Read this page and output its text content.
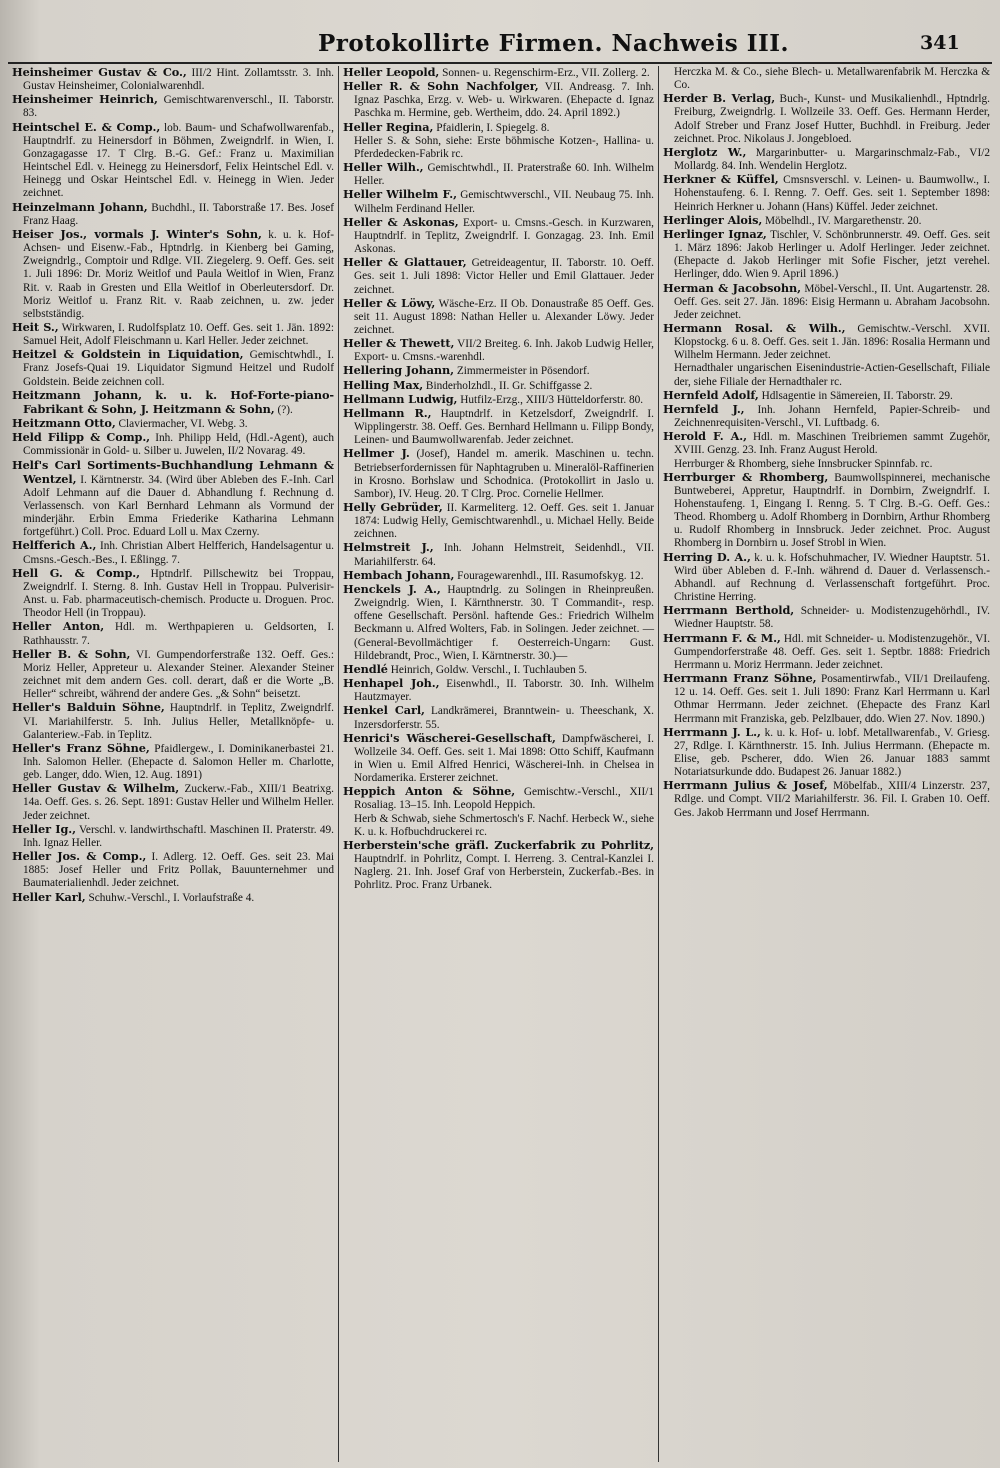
Protokollirte Firmen. Nachweis III.	341

Heinsheimer Gustav & Co., III/2 Hint. Zollamtsstr. 3. Inh. Gustav Heinsheimer, Colonialwarenhdl.

Heinsheimer Heinrich, Gemischtwarenverschl., II. Taborstr. 83.

Heintschel E. & Comp., lob. Baum- und Schafwollwarenfab., Hauptndrlf. zu Heinersdorf in Böhmen, Zweigndrlf. in Wien, I. Gonzagagasse 17. T Clrg. B.-G. Gef.: Franz u. Maximilian Heintschel Edl. v. Heinegg zu Heinersdorf, Felix Heintschel Edl. v. Heinegg und Oskar Heintschel Edl. v. Heinegg in Wien. Jeder zeichnet.

Heinzelmann Johann, Buchdhl., II. Taborstraße 17. Bes. Josef Franz Haag.

Heiser Jos., vormals J. Winter's Sohn, k. u. k. Hof-Achsen- und Eisenw.-Fab., Hptndrlg. in Kienberg bei Gaming, Zweigndrlg., Comptoir und Rdlge. VII. Ziegelerg. 9. Oeff. Ges. seit 1. Juli 1896: Dr. Moriz Weitlof und Paula Weitlof in Wien, Franz Rit. v. Raab in Gresten und Ella Weitlof in Oberleutersdorf. Dr. Moriz Weitlof u. Franz Rit. v. Raab zeichnen, u. zw. jeder selbstständig.

Heit S., Wirkwaren, I. Rudolfsplatz 10. Oeff. Ges. seit 1. Jän. 1892: Samuel Heit, Adolf Fleischmann u. Karl Heller. Jeder zeichnet.

Heitzel & Goldstein in Liquidation, Gemischtwhdl., I. Franz Josefs-Quai 19. Liquidator Sigmund Heitzel und Rudolf Goldstein. Beide zeichnen coll.

Heitzmann Johann, k. u. k. Hof-Forte-piano-Fabrikant & Sohn, J. Heitzmann & Sohn, (?).

Heitzmann Otto, Claviermacher, VI. Webg. 3.

Held Filipp & Comp., Inh. Philipp Held, (Hdl.-Agent), auch Commissionär in Gold- u. Silber u. Juwelen, II/2 Novarag. 49.

Helf's Carl Sortiments-Buchhandlung Lehmann & Wentzel, I. Kärntnerstr. 34. (Wird über Ableben des F.-Inh. Carl Adolf Lehmann auf die Dauer d. Abhandlung f. Rechnung d. Verlassensch. von Karl Bernhard Lehmann als Vormund der minderjähr. Erbin Emma Friederike Katharina Lehmann fortgeführt.) Coll. Proc. Eduard Loll u. Max Czerny.

Helfferich A., Inh. Christian Albert Helfferich, Handelsagentur u. Cmsns.-Gesch.-Bes., I. Eßlingg. 7.

Hell G. & Comp., Hptndrlf. Pillschewitz bei Troppau, Zweigndrlf. I. Sterng. 8. Inh. Gustav Hell in Troppau. Pulverisir-Anst. u. Fab. pharmaceutisch-chemisch. Producte u. Droguen. Proc. Theodor Hell (in Troppau).

Heller Anton, Hdl. m. Werthpapieren u. Geldsorten, I. Rathhausstr. 7.

Heller B. & Sohn, VI. Gumpendorferstraße 132. Oeff. Ges.: Moriz Heller, Appreteur u. Alexander Steiner. Alexander Steiner zeichnet mit dem andern Ges. coll. derart, daß er die Worte „B. Heller“ schreibt, während der andere Ges. „& Sohn“ beisetzt.

Heller's Balduin Söhne, Hauptndrlf. in Teplitz, Zweigndrlf. VI. Mariahilferstr. 5. Inh. Julius Heller, Metallknöpfe- u. Galanteriew.-Fab. in Teplitz.

Heller's Franz Söhne, Pfaidlergew., I. Dominikanerbastei 21. Inh. Salomon Heller. (Ehepacte d. Salomon Heller m. Charlotte, geb. Langer, ddo. Wien, 12. Aug. 1891)

Heller Gustav & Wilhelm, Zuckerw.-Fab., XIII/1 Beatrixg. 14a. Oeff. Ges. s. 26. Sept. 1891: Gustav Heller und Wilhelm Heller. Jeder zeichnet.

Heller Ig., Verschl. v. landwirthschaftl. Maschinen II. Praterstr. 49. Inh. Ignaz Heller.

Heller Jos. & Comp., I. Adlerg. 12. Oeff. Ges. seit 23. Mai 1885: Josef Heller und Fritz Pollak, Bauunternehmer und Baumaterialienhdl. Jeder zeichnet.

Heller Karl, Schuhw.-Verschl., I. Vorlaufstraße 4.

Heller Leopold, Sonnen- u. Regenschirm-Erz., VII. Zollerg. 2.

Heller R. & Sohn Nachfolger, VII. Andreasg. 7. Inh. Ignaz Paschka, Erzg. v. Web- u. Wirkwaren. (Ehepacte d. Ignaz Paschka m. Hermine, geb. Wertheim, ddo. 24. April 1892.)

Heller Regina, Pfaidlerin, I. Spiegelg. 8.

Heller S. & Sohn, siehe: Erste böhmische Kotzen-, Hallina- u. Pferdedecken-Fabrik rc.

Heller Wilh., Gemischtwhdl., II. Praterstraße 60. Inh. Wilhelm Heller.

Heller Wilhelm F., Gemischtwverschl., VII. Neubaug 75. Inh. Wilhelm Ferdinand Heller.

Heller & Askonas, Export- u. Cmsns.-Gesch. in Kurzwaren, Hauptndrlf. in Teplitz, Zweigndrlf. I. Gonzagag. 23. Inh. Emil Askonas.

Heller & Glattauer, Getreideagentur, II. Taborstr. 10. Oeff. Ges. seit 1. Juli 1898: Victor Heller und Emil Glattauer. Jeder zeichnet.

Heller & Löwy, Wäsche-Erz. II Ob. Donaustraße 85 Oeff. Ges. seit 11. August 1898: Nathan Heller u. Alexander Löwy. Jeder zeichnet.

Heller & Thewett, VII/2 Breiteg. 6. Inh. Jakob Ludwig Heller, Export- u. Cmsns.-warenhdl.

Hellering Johann, Zimmermeister in Pösendorf.

Helling Max, Binderholzhdl., II. Gr. Schiffgasse 2.

Hellmann Ludwig, Hutfilz-Erzg., XIII/3 Hütteldorferstr. 80.

Hellmann R., Hauptndrlf. in Ketzelsdorf, Zweigndrlf. I. Wipplingerstr. 38. Oeff. Ges. Bernhard Hellmann u. Filipp Bondy, Leinen- und Baumwollwarenfab. Jeder zeichnet.

Hellmer J. (Josef), Handel m. amerik. Maschinen u. techn. Betriebserfordernissen für Naphtagruben u. Mineralöl-Raffinerien in Krosno. Borhslaw und Schodnica. (Protokollirt in Jaslo u. Sambor), IV. Heug. 20. T Clrg. Proc. Cornelie Hellmer.

Helly Gebrüder, II. Karmeliterg. 12. Oeff. Ges. seit 1. Januar 1874: Ludwig Helly, Gemischtwarenhdl., u. Michael Helly. Beide zeichnen.

Helmstreit J., Inh. Johann Helmstreit, Seidenhdl., VII. Mariahilferstr. 64.

Hembach Johann, Fouragewarenhdl., III. Rasumofskyg. 12.

Henckels J. A., Hauptndrlg. zu Solingen in Rheinpreußen. Zweigndrlg. Wien, I. Kärnthnerstr. 30. T Commandit-, resp. offene Gesellschaft. Persönl. haftende Ges.: Friedrich Wilhelm Beckmann u. Alfred Wolters, Fab. in Solingen. Jeder zeichnet. — (General-Bevollmächtiger f. Oesterreich-Ungarn: Gust. Hildebrandt, Proc., Wien, I. Kärntnerstr. 30.)—

Hendlé Heinrich, Goldw. Verschl., I. Tuchlauben 5.

Henhapel Joh., Eisenwhdl., II. Taborstr. 30. Inh. Wilhelm Hautzmayer.

Henkel Carl, Landkrämerei, Branntwein- u. Theeschank, X. Inzersdorferstr. 55.

Henrici's Wäscherei-Gesellschaft, Dampfwäscherei, I. Wollzeile 34. Oeff. Ges. seit 1. Mai 1898: Otto Schiff, Kaufmann in Wien u. Emil Alfred Henrici, Wäscherei-Inh. in Chelsea in Nordamerika. Ersterer zeichnet.

Heppich Anton & Söhne, Gemischtw.-Verschl., XII/1 Rosaliag. 13–15. Inh. Leopold Heppich.

Herb & Schwab, siehe Schmertosch's F. Nachf. Herbeck W., siehe K. u. k. Hofbuchdruckerei rc.

Herberstein'sche gräfl. Zuckerfabrik zu Pohrlitz, Hauptndrlf. in Pohrlitz, Compt. I. Herreng. 3. Central-Kanzlei I. Naglerg. 21. Inh. Josef Graf von Herberstein, Zuckerfab.-Bes. in Pohrlitz. Proc. Franz Urbanek.

Herczka M. & Co., siehe Blech- u. Metallwarenfabrik M. Herczka & Co.

Herder B. Verlag, Buch-, Kunst- und Musikalienhdl., Hptndrlg. Freiburg, Zweigndrlg. I. Wollzeile 33. Oeff. Ges. Hermann Herder, Adolf Streber und Franz Josef Hutter, Buchhdl. in Freiburg. Jeder zeichnet. Proc. Nikolaus J. Jongebloed.

Herglotz W., Margarinbutter- u. Margarinschmalz-Fab., VI/2 Mollardg. 84. Inh. Wendelin Herglotz.

Herkner & Küffel, Cmsnsverschl. v. Leinen- u. Baumwollw., I. Hohenstaufeng. 6. I. Renng. 7. Oeff. Ges. seit 1. September 1898: Heinrich Herkner u. Johann (Hans) Küffel. Jeder zeichnet.

Herlinger Alois, Möbelhdl., IV. Margarethenstr. 20.

Herlinger Ignaz, Tischler, V. Schönbrunnerstr. 49. Oeff. Ges. seit 1. März 1896: Jakob Herlinger u. Adolf Herlinger. Jeder zeichnet. (Ehepacte d. Jakob Herlinger mit Sofie Fischer, jetzt verehel. Herlinger, ddo. Wien 9. April 1896.)

Herman & Jacobsohn, Möbel-Verschl., II. Unt. Augartenstr. 28. Oeff. Ges. seit 27. Jän. 1896: Eisig Hermann u. Abraham Jacobsohn. Jeder zeichnet.

Hermann Rosal. & Wilh., Gemischtw.-Verschl. XVII. Klopstockg. 6 u. 8. Oeff. Ges. seit 1. Jän. 1896: Rosalia Hermann und Wilhelm Hermann. Jeder zeichnet.

Hernadthaler ungarischen Eisenindustrie-Actien-Gesellschaft, Filiale der, siehe Filiale der Hernadthaler rc.

Hernfeld Adolf, Hdlsagentie in Sämereien, II. Taborstr. 29.

Hernfeld J., Inh. Johann Hernfeld, Papier-Schreib- und Zeichnenrequisiten-Verschl., VI. Luftbadg. 6.

Herold F. A., Hdl. m. Maschinen Treibriemen sammt Zugehör, XVIII. Genzg. 23. Inh. Franz August Herold.

Herrburger & Rhomberg, siehe Innsbrucker Spinnfab. rc.

Herrburger & Rhomberg, Baumwollspinnerei, mechanische Buntweberei, Appretur, Hauptndrlf. in Dornbirn, Zweigndrlf. I. Hohenstaufeng. 1, Eingang I. Renng. 5. T Clrg. B.-G. Oeff. Ges.: Theod. Rhomberg u. Adolf Rhomberg in Dornbirn, Arthur Rhomberg u. Rudolf Rhomberg in Innsbruck. Jeder zeichnet. Proc. August Rhomberg in Dornbirn u. Josef Strobl in Wien.

Herring D. A., k. u. k. Hofschuhmacher, IV. Wiedner Hauptstr. 51. Wird über Ableben d. F.-Inh. während d. Dauer d. Verlassensch.-Abhandl. auf Rechnung d. Verlassenschaft fortgeführt. Proc. Christine Herring.

Herrmann Berthold, Schneider- u. Modistenzugehörhdl., IV. Wiedner Hauptstr. 58.

Herrmann F. & M., Hdl. mit Schneider- u. Modistenzugehör., VI. Gumpendorferstraße 48. Oeff. Ges. seit 1. Septbr. 1888: Friedrich Herrmann u. Moriz Herrmann. Jeder zeichnet.

Herrmann Franz Söhne, Posamentirwfab., VII/1 Dreilaufeng. 12 u. 14. Oeff. Ges. seit 1. Juli 1890: Franz Karl Herrmann u. Karl Othmar Herrmann. Jeder zeichnet. (Ehepacte des Franz Karl Herrmann mit Franziska, geb. Pelzlbauer, ddo. Wien 27. Nov. 1890.)

Herrmann J. L., k. u. k. Hof- u. lobf. Metallwarenfab., V. Griesg. 27, Rdlge. I. Kärnthnerstr. 15. Inh. Julius Herrmann. (Ehepacte m. Elise, geb. Pscherer, ddo. Wien 26. Januar 1883 sammt Notariatsurkunde ddo. Budapest 26. Januar 1882.)

Herrmann Julius & Josef, Möbelfab., XIII/4 Linzerstr. 237, Rdlge. und Compt. VII/2 Mariahilferstr. 36. Fil. I. Graben 10. Oeff. Ges. Jakob Herrmann und Josef Herrmann.
